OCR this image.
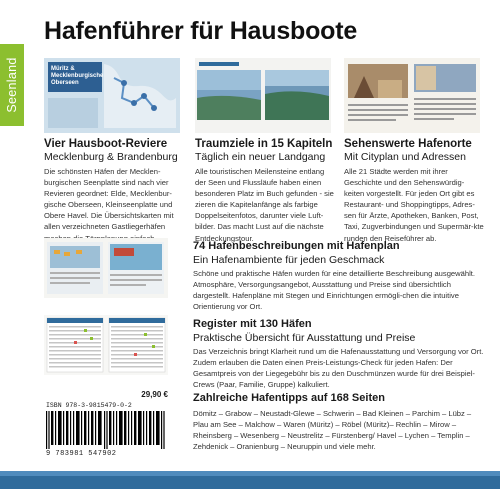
Seenland
Hafenführer für Hausboote
Müritz & Mecklenburgische Oberseen
Vier Hausboot-Reviere
Mecklenburg & Brandenburg
Die schönsten Häfen der Mecklen-burgischen Seenplatte sind nach vier Revieren geordnet: Elde, Mecklenbur-gische Oberseen, Kleinseenplatte und Obere Havel. Die Übersichtskarten mit allen verzeichneten Gastliegerhäfen
Traumziele in 15 Kapiteln
Täglich ein neuer Landgang
Alle touristischen Meilensteine entlang der Seen und Flussläufe haben einen besonderen Platz im Buch gefunden - sie zieren die Kapitelanfänge als farbige Doppelseitenfotos, darunter viele Luft-bilder. Das macht Lust auf die nächste Entdeckungstour.
Sehenswerte Hafenorte
Mit Cityplan und Adressen
Alle 21 Städte werden mit ihrer Geschichte und den Sehenswürdig-keiten vorgestellt. Für jeden Ort gibt es Restaurant- und Shoppingtipps, Adres-sen für Ärzte, Apotheken, Banken, Post, Taxi, Zugverbindungen und Supermär-kte runden den Reiseführer ab.
74 Hafenbeschreibungen mit Hafenplan
Ein Hafenambiente für jeden Geschmack
Schöne und praktische Häfen wurden für eine detaillierte Beschreibung ausgewählt. Atmosphäre, Versorgungsangebot, Ausstattung und Preise sind übersichtlich dargestellt. Hafenpläne mit Stegen und Einrichtungen ermögli-chen die intuitive Orientierung vor Ort.
Register mit 130 Häfen
Praktische Übersicht für Ausstattung und Preise
Das Verzeichnis bringt Klarheit rund um die Hafenausstattung und Versorgung vor Ort. Zudem erlauben die Daten einen Preis-Leistungs-Check für jeden Hafen: Der Gesamtpreis von der Liegegebühr bis zu den Duschmünzen wurde für drei Beispiel-Crews (Paar, Familie, Gruppe) kalkuliert.
29,90 €
ISBN 978-3-9815479-0-2
9 783981 547902
Zahlreiche Hafentipps auf 168 Seiten
Dömitz – Grabow – Neustadt-Glewe – Schwerin – Bad Kleinen – Parchim – Lübz – Plau am See – Malchow – Waren (Müritz) – Röbel (Müritz)– Rechlin – Mirow – Rheinsberg – Wesenberg – Neustrelitz – Fürstenberg/ Havel – Lychen – Templin – Zehdenick – Oranienburg – Neuruppin und viele mehr.
